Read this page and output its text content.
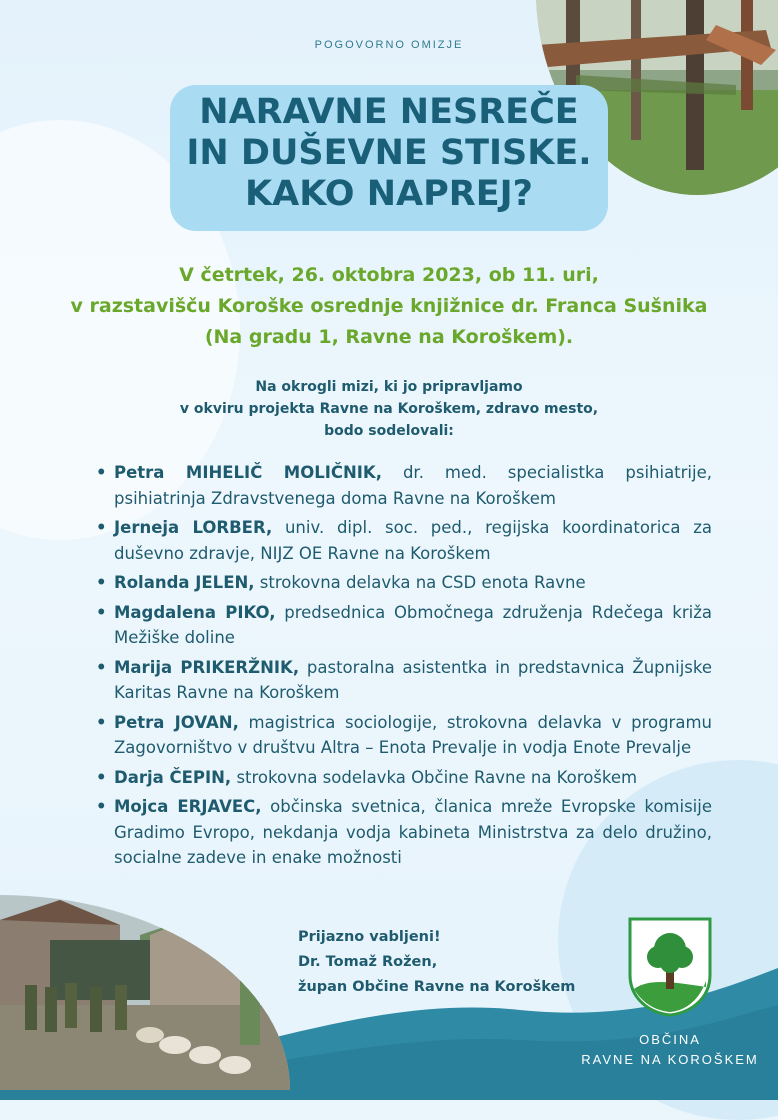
POGOVORNO OMIZJE
NARAVNE NESREČE
IN DUŠEVNE STISKE.
KAKO NAPREJ?
V četrtek, 26. oktobra 2023, ob 11. uri,
v razstavišču Koroške osrednje knjižnice dr. Franca Sušnika
(Na gradu 1, Ravne na Koroškem).
Na okrogli mizi, ki jo pripravljamo
v okviru projekta Ravne na Koroškem, zdravo mesto,
bodo sodelovali:
• Petra MIHELIČ MOLIČNIK, dr. med. specialistka psihiatrije, psihiatrinja Zdravstvenega doma Ravne na Koroškem
• Jerneja LORBER, univ. dipl. soc. ped., regijska koordinatorica za duševno zdravje, NIJZ OE Ravne na Koroškem
• Rolanda JELEN, strokovna delavka na CSD enota Ravne
• Magdalena PIKO, predsednica Območnega združenja Rdečega križa Mežiške doline
• Marija PRIKERŽNIK, pastoralna asistentka in predstavnica Župnijske Karitas Ravne na Koroškem
• Petra JOVAN, magistrica sociologije, strokovna delavka v programu Zagovorništvo v društvu Altra – Enota Prevalje in vodja Enote Prevalje
• Darja ČEPIN, strokovna sodelavka Občine Ravne na Koroškem
• Mojca ERJAVEC, občinska svetnica, članica mreže Evropske komisije Gradimo Evropo, nekdanja vodja kabineta Ministrstva za delo družino, socialne zadeve in enake možnosti
Prijazno vabljeni!
Dr. Tomaž Rožen,
župan Občine Ravne na Koroškem
OBČINA
RAVNE NA KOROŠKEM
